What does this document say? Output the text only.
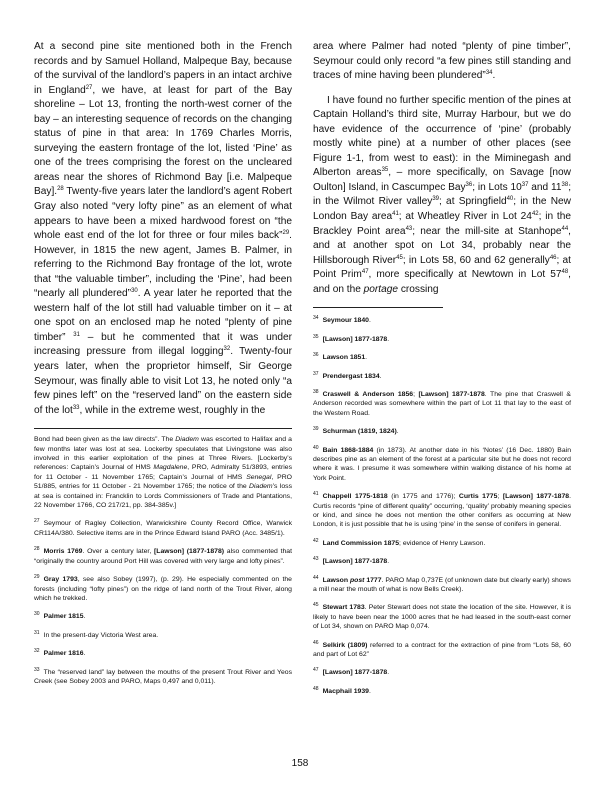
At a second pine site mentioned both in the French records and by Samuel Holland, Malpeque Bay, because of the survival of the landlord’s papers in an intact archive in England$^{27}$, we have, at least for part of the Bay shoreline – Lot 13, fronting the north-west corner of the bay – an interesting sequence of records on the changing status of pine in that area: In 1769 Charles Morris, surveying the eastern frontage of the lot, listed ‘Pine’ as one of the trees comprising the forest on the uncleared areas near the shores of Richmond Bay [i.e. Malpeque Bay].$^{28}$ Twenty-five years later the landlord’s agent Robert Gray also noted “very lofty pine” as an element of what appears to have been a mixed hardwood forest on “the whole east end of the lot for three or four miles back”$^{29}$. However, in 1815 the new agent, James B. Palmer, in referring to the Richmond Bay frontage of the lot, wrote that “the valuable timber”, including the ‘Pine’, had been “nearly all plundered”$^{30}$. A year later he reported that the western half of the lot still had valuable timber on it – at one spot on an enclosed map he noted “plenty of pine timber” $^{31}$ – but he commented that it was under increasing pressure from illegal logging$^{32}$. Twenty-four years later, when the proprietor himself, Sir George Seymour, was finally able to visit Lot 13, he noted only “a few pines left” on the “reserved land” on the eastern side of the lot$^{33}$, while in the extreme west, roughly in the

Bond had been given as the law directs”. The Diadem was escorted to Halifax and a few months later was lost at sea. Lockerby speculates that Livingstone was also involved in this earlier exploitation of the pines at Three Rivers. [Lockerby’s references: Captain’s Journal of HMS Magdalene, PRO, Admiralty 51/3893, entries for 11 October - 11 November 1765; Captain’s Journal of HMS Senegal, PRO 51/885, entries for 11 October - 21 November 1765; the notice of the Diadem’s loss at sea is contained in: Francklin to Lords Commissioners of Trade and Plantations, 22 November 1766, CO 217/21, pp. 384-385v.]

$^{27}$ Seymour of Ragley Collection, Warwickshire County Record Office, Warwick CR114A/380. Selective items are in the Prince Edward Island PARO (Acc. 3485/1).

$^{28}$ Morris 1769. Over a century later, [Lawson] (1877-1878) also commented that “originally the country around Port Hill was covered with very large and lofty pines”.

$^{29}$ Gray 1793, see also Sobey (1997), (p. 29). He especially commented on the forests (including “lofty pines”) on the ridge of land north of the Trout River, along which he trekked.

$^{30}$ Palmer 1815.

$^{31}$ In the present-day Victoria West area.

$^{32}$ Palmer 1816.

$^{33}$ The “reserved land” lay between the mouths of the present Trout River and Yeos Creek (see Sobey 2003 and PARO, Maps 0,497 and 0,011).

area where Palmer had noted “plenty of pine timber”, Seymour could only record “a few pines still standing and traces of mine having been plundered”$^{34}$.

I have found no further specific mention of the pines at Captain Holland’s third site, Murray Harbour, but we do have evidence of the occurrence of ‘pine’ (probably mostly white pine) at a number of other places (see Figure 1-1, from west to east): in the Miminegash and Alberton areas$^{35}$, – more specifically, on Savage [now Oulton] Island, in Cascumpec Bay$^{36}$; in Lots $10^{37}$ and $11^{38}$; in the Wilmot River valley$^{39}$; at Springfield$^{40}$; in the New London Bay area$^{41}$; at Wheatley River in Lot $24^{42}$; in the Brackley Point area$^{43}$; near the mill-site at Stanhope$^{44}$, and at another spot on Lot 34, probably near the Hillsborough River$^{45}$; in Lots 58, 60 and 62 generally$^{46}$; at Point Prim$^{47}$, more specifically at Newtown in Lot $57^{48}$, and on the portage crossing

$^{34}$ Seymour 1840.

$^{35}$ [Lawson] 1877-1878.

$^{36}$ Lawson 1851.

$^{37}$ Prendergast 1834.

$^{38}$ Craswell & Anderson 1856; [Lawson] 1877-1878. The pine that Craswell & Anderson recorded was somewhere within the part of Lot 11 that lay to the east of the Western Road.

$^{39}$ Schurman (1819, 1824).

$^{40}$ Bain 1868-1884 (in 1873). At another date in his ‘Notes’ (16 Dec. 1880) Bain describes pine as an element of the forest at a particular site but he does not record where it was. I presume it was somewhere within walking distance of his home at York Point.

$^{41}$ Chappell 1775-1818 (in 1775 and 1776); Curtis 1775; [Lawson] 1877-1878. Curtis records “pine of different quality” occurring, ‘quality’ probably meaning species or kind, and since he does not mention the other conifers as occurring at New London, it is just possible that he is using ‘pine’ in the sense of conifers in general.

$^{42}$ Land Commission 1875; evidence of Henry Lawson.

$^{43}$ [Lawson] 1877-1878.

$^{44}$ Lawson post 1777. PARO Map 0,737E (of unknown date but clearly early) shows a mill near the mouth of what is now Bells Creek).

$^{45}$ Stewart 1783. Peter Stewart does not state the location of the site. However, it is likely to have been near the 1000 acres that he had leased in the south-east corner of Lot 34, shown on PARO Map 0,074.

$^{46}$ Selkirk (1809) referred to a contract for the extraction of pine from “Lots 58, 60 and part of Lot 62”

$^{47}$ [Lawson] 1877-1878.

$^{48}$ Macphail 1939.

158
